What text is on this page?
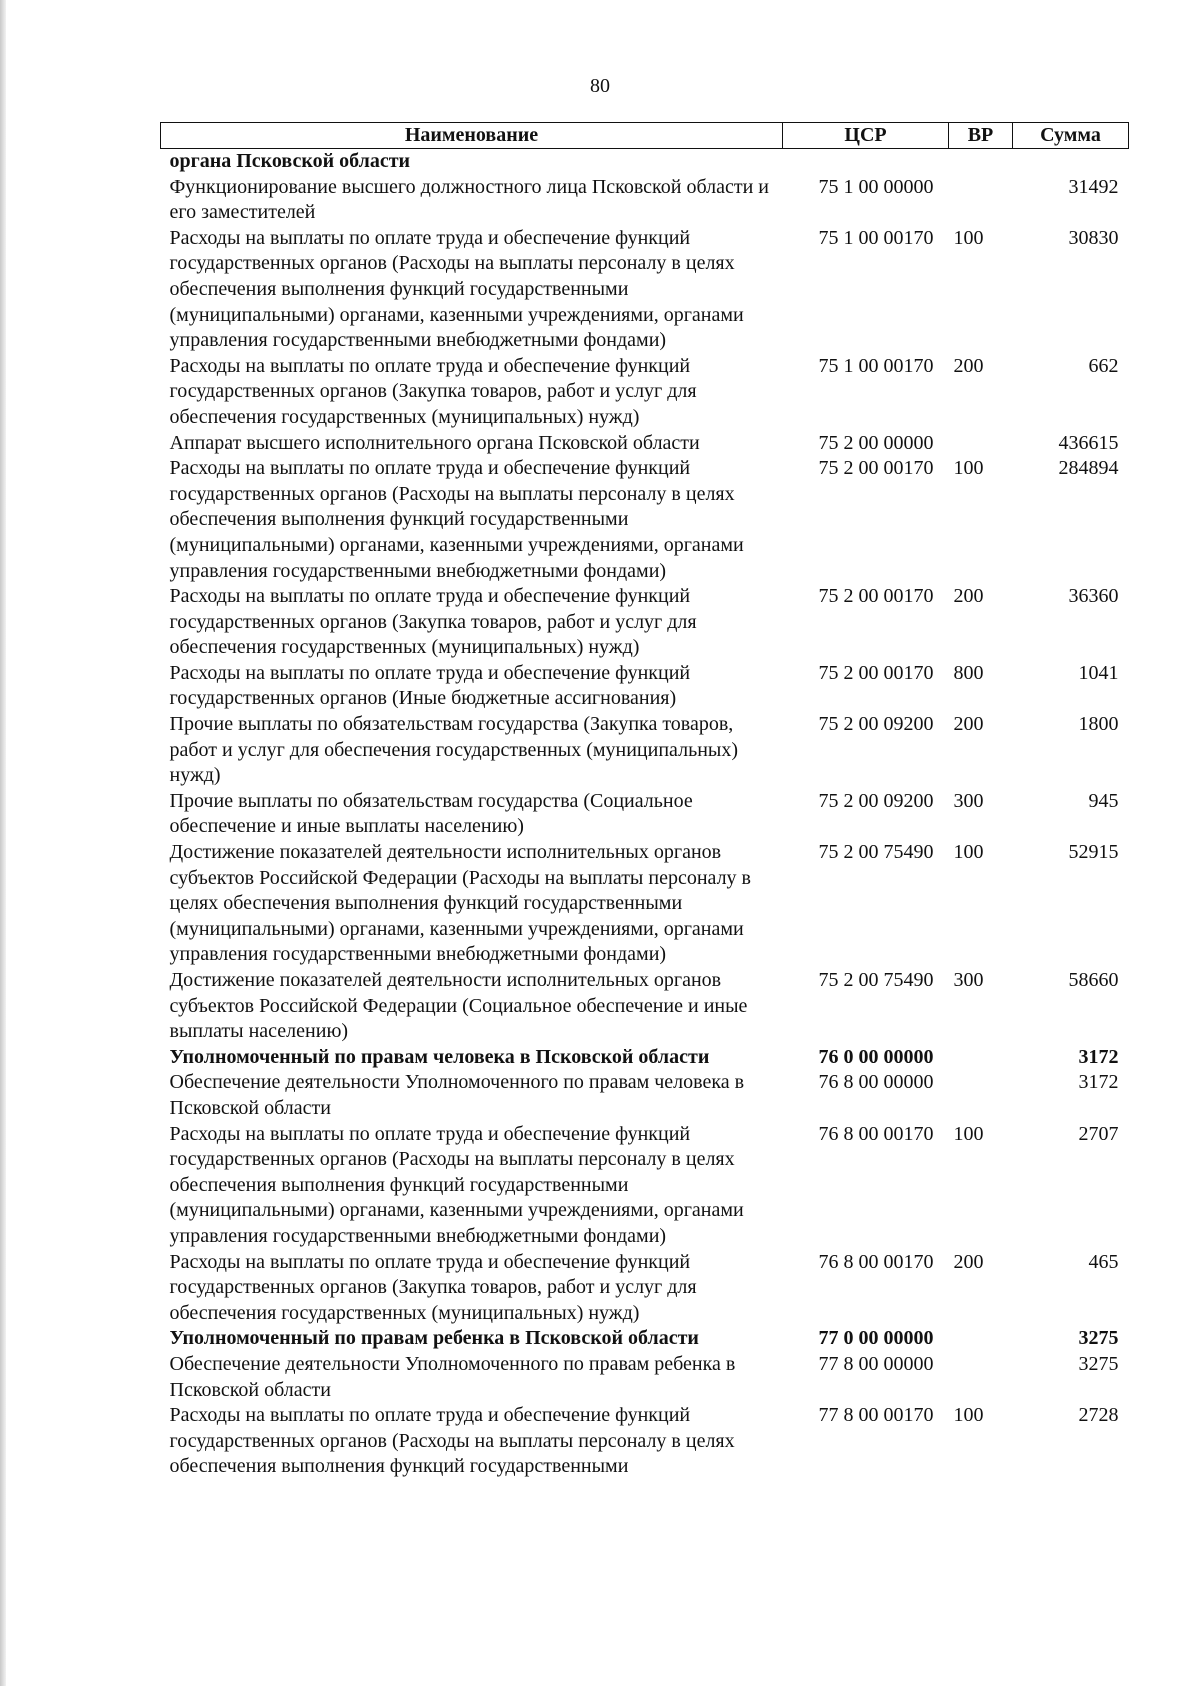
80
Наименование	ЦСР	ВР	Сумма
органа Псковской области			
Функционирование высшего должностного лица Псковской области и его заместителей	75 1 00 00000		31492
Расходы на выплаты по оплате труда и обеспечение функций государственных органов (Расходы на выплаты персоналу в целях обеспечения выполнения функций государственными (муниципальными) органами, казенными учреждениями, органами управления государственными внебюджетными фондами)	75 1 00 00170	100	30830
Расходы на выплаты по оплате труда и обеспечение функций государственных органов (Закупка товаров, работ и услуг для обеспечения государственных (муниципальных) нужд)	75 1 00 00170	200	662
Аппарат высшего исполнительного органа Псковской области	75 2 00 00000		436615
Расходы на выплаты по оплате труда и обеспечение функций государственных органов (Расходы на выплаты персоналу в целях обеспечения выполнения функций государственными (муниципальными) органами, казенными учреждениями, органами управления государственными внебюджетными фондами)	75 2 00 00170	100	284894
Расходы на выплаты по оплате труда и обеспечение функций государственных органов (Закупка товаров, работ и услуг для обеспечения государственных (муниципальных) нужд)	75 2 00 00170	200	36360
Расходы на выплаты по оплате труда и обеспечение функций государственных органов (Иные бюджетные ассигнования)	75 2 00 00170	800	1041
Прочие выплаты по обязательствам государства (Закупка товаров, работ и услуг для обеспечения государственных (муниципальных) нужд)	75 2 00 09200	200	1800
Прочие выплаты по обязательствам государства (Социальное обеспечение и иные выплаты населению)	75 2 00 09200	300	945
Достижение показателей деятельности исполнительных органов субъектов Российской Федерации (Расходы на выплаты персоналу в целях обеспечения выполнения функций государственными (муниципальными) органами, казенными учреждениями, органами управления государственными внебюджетными фондами)	75 2 00 75490	100	52915
Достижение показателей деятельности исполнительных органов субъектов Российской Федерации (Социальное обеспечение и иные выплаты населению)	75 2 00 75490	300	58660
Уполномоченный по правам человека в Псковской области	76 0 00 00000		3172
Обеспечение деятельности Уполномоченного по правам человека в Псковской области	76 8 00 00000		3172
Расходы на выплаты по оплате труда и обеспечение функций государственных органов (Расходы на выплаты персоналу в целях обеспечения выполнения функций государственными (муниципальными) органами, казенными учреждениями, органами управления государственными внебюджетными фондами)	76 8 00 00170	100	2707
Расходы на выплаты по оплате труда и обеспечение функций государственных органов (Закупка товаров, работ и услуг для обеспечения государственных (муниципальных) нужд)	76 8 00 00170	200	465
Уполномоченный по правам ребенка в Псковской области	77 0 00 00000		3275
Обеспечение деятельности Уполномоченного по правам ребенка в Псковской области	77 8 00 00000		3275
Расходы на выплаты по оплате труда и обеспечение функций государственных органов (Расходы на выплаты персоналу в целях обеспечения выполнения функций государственными	77 8 00 00170	100	2728
